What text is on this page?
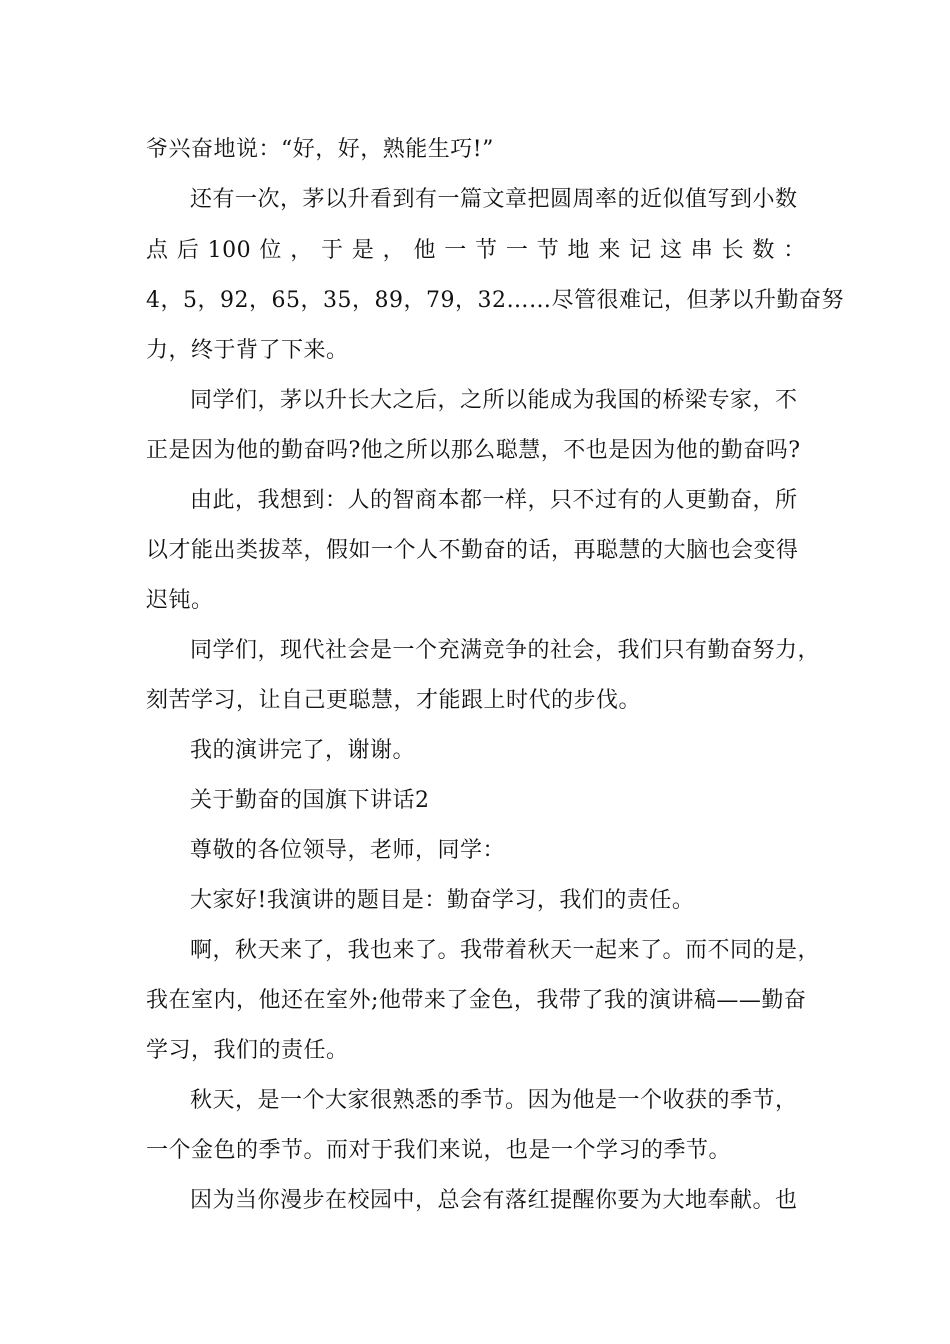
爷兴奋地说：“好，好，熟能生巧!”
还有一次，茅以升看到有一篇文章把圆周率的近似值写到小数
点 后 100 位 ， 于 是 ， 他 一 节 一 节 地 来 记 这 串 长 数 ：
4，5，92，65，35，89，79，32……尽管很难记，但茅以升勤奋努
力，终于背了下来。
同学们，茅以升长大之后，之所以能成为我国的桥梁专家，不
正是因为他的勤奋吗?他之所以那么聪慧，不也是因为他的勤奋吗?
由此，我想到：人的智商本都一样，只不过有的人更勤奋，所
以才能出类拔萃，假如一个人不勤奋的话，再聪慧的大脑也会变得
迟钝。
同学们，现代社会是一个充满竞争的社会，我们只有勤奋努力，
刻苦学习，让自己更聪慧，才能跟上时代的步伐。
我的演讲完了，谢谢。
关于勤奋的国旗下讲话2
尊敬的各位领导，老师，同学：
大家好!我演讲的题目是：勤奋学习，我们的责任。
啊，秋天来了，我也来了。我带着秋天一起来了。而不同的是，
我在室内，他还在室外;他带来了金色，我带了我的演讲稿——勤奋
学习，我们的责任。
秋天，是一个大家很熟悉的季节。因为他是一个收获的季节，
一个金色的季节。而对于我们来说，也是一个学习的季节。
因为当你漫步在校园中，总会有落红提醒你要为大地奉献。也
